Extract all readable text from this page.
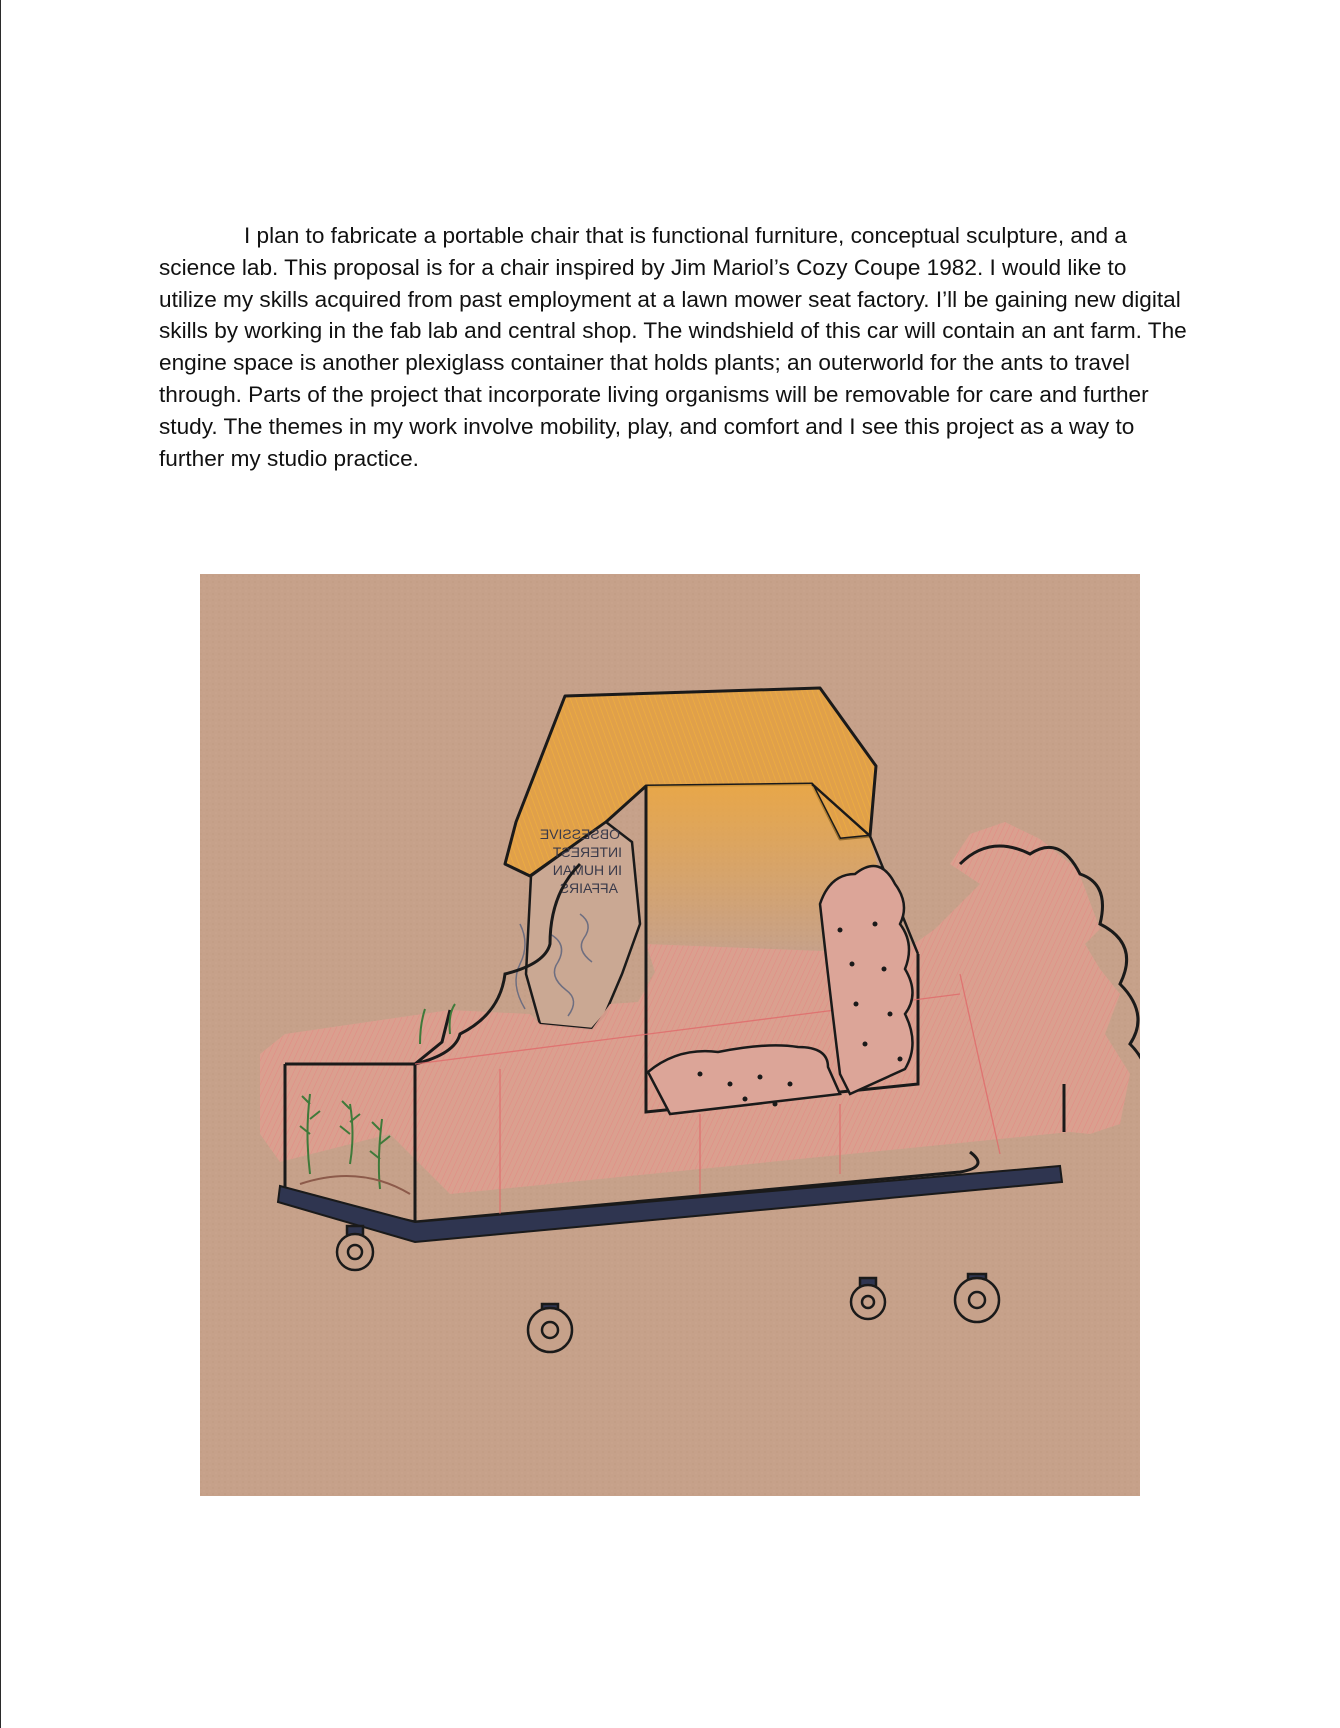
I plan to fabricate a portable chair that is functional furniture, conceptual sculpture, and a science lab. This proposal is for a chair inspired by Jim Mariol’s Cozy Coupe 1982. I would like to utilize my skills acquired from past employment at a lawn mower seat factory. I’ll be gaining new digital skills by working in the fab lab and central shop. The windshield of this car will contain an ant farm. The engine space is another plexiglass container that holds plants; an outerworld for the ants to travel through. Parts of the project that incorporate living organisms will be removable for care and further study. The themes in my work involve mobility, play, and comfort and I see this project as a way to further my studio practice.

OBSESSIVE
INTEREST
IN HUMAN
AFFAIRS
